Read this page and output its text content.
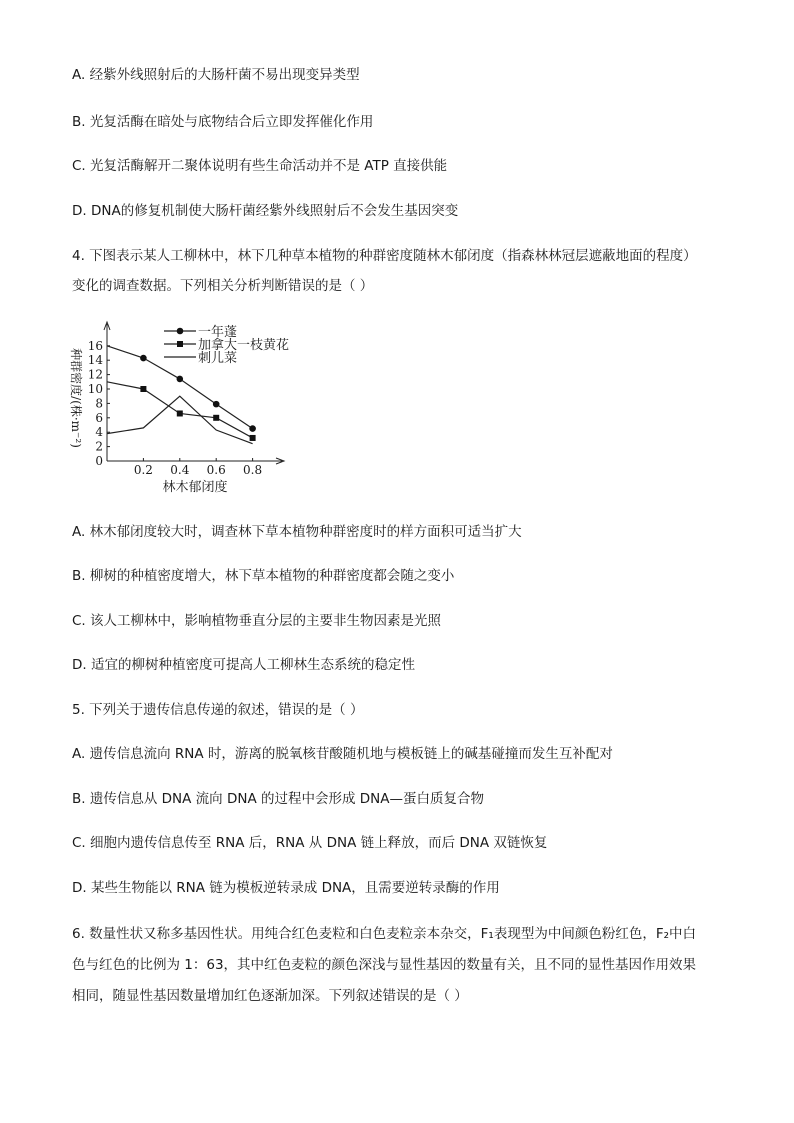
A. 经紫外线照射后的大肠杆菌不易出现变异类型
B. 光复活酶在暗处与底物结合后立即发挥催化作用
C. 光复活酶解开二聚体说明有些生命活动并不是 ATP 直接供能
D. DNA的修复机制使大肠杆菌经紫外线照射后不会发生基因突变
4. 下图表示某人工柳林中，林下几种草本植物的种群密度随林木郁闭度（指森林林冠层遮蔽地面的程度）
变化的调查数据。下列相关分析判断错误的是（ ）
0
2
4
6
8
10
12
14
16
0.2 0.4 0.6 0.8
一年蓬
加拿大一枝黄花
刺儿菜
林木郁闭度
种群密度/(株·m⁻²)
A. 林木郁闭度较大时，调查林下草本植物种群密度时的样方面积可适当扩大
B. 柳树的种植密度增大，林下草本植物的种群密度都会随之变小
C. 该人工柳林中，影响植物垂直分层的主要非生物因素是光照
D. 适宜的柳树种植密度可提高人工柳林生态系统的稳定性
5. 下列关于遗传信息传递的叙述，错误的是（ ）
A. 遗传信息流向 RNA 时，游离的脱氧核苷酸随机地与模板链上的碱基碰撞而发生互补配对
B. 遗传信息从 DNA 流向 DNA 的过程中会形成 DNA—蛋白质复合物
C. 细胞内遗传信息传至 RNA 后，RNA 从 DNA 链上释放，而后 DNA 双链恢复
D. 某些生物能以 RNA 链为模板逆转录成 DNA，且需要逆转录酶的作用
6. 数量性状又称多基因性状。用纯合红色麦粒和白色麦粒亲本杂交，F₁表现型为中间颜色粉红色，F₂中白
色与红色的比例为 1：63，其中红色麦粒的颜色深浅与显性基因的数量有关，且不同的显性基因作用效果
相同，随显性基因数量增加红色逐渐加深。下列叙述错误的是（ ）
